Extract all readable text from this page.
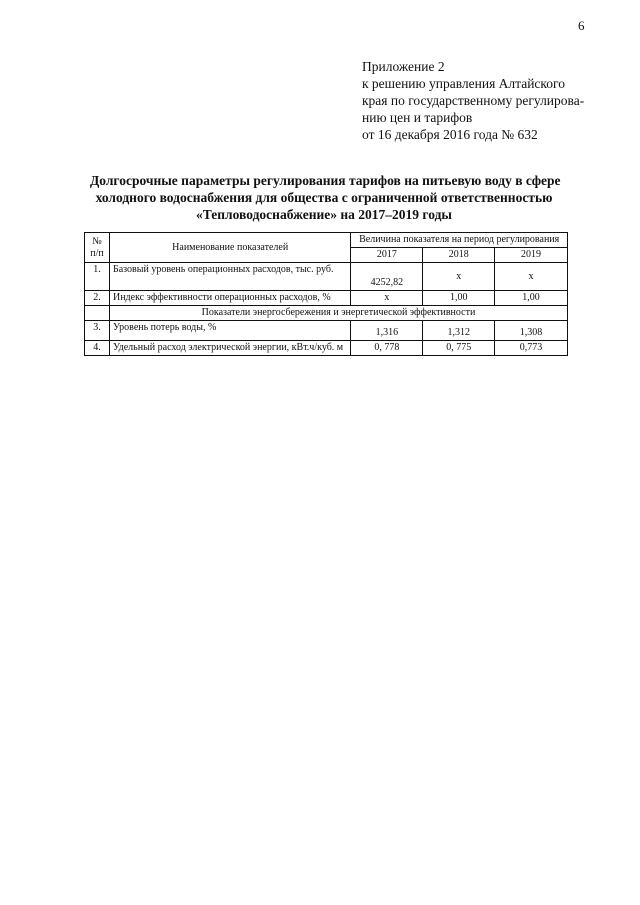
6
Приложение 2
к решению управления Алтайского
края по государственному регулирова-
нию цен и тарифов
от 16 декабря 2016 года № 632
Долгосрочные параметры регулирования тарифов на питьевую воду в сфере
холодного водоснабжения для общества с ограниченной ответственностью
«Тепловодоснабжение» на 2017–2019 годы
№
п/п	Наименование показателей	Величина показателя на период регулирования		
		2017	2018	2019
1.	Базовый уровень операционных расходов, тыс. руб.	4252,82	х	х
2.	Индекс эффективности операционных расходов, %	х	1,00	1,00
	Показатели энергосбережения и энергетической эффективности			
3.	Уровень потерь воды, %	1,316	1,312	1,308
4.	Удельный расход электрической энергии, кВт.ч/куб. м	0, 778	0, 775	0,773
